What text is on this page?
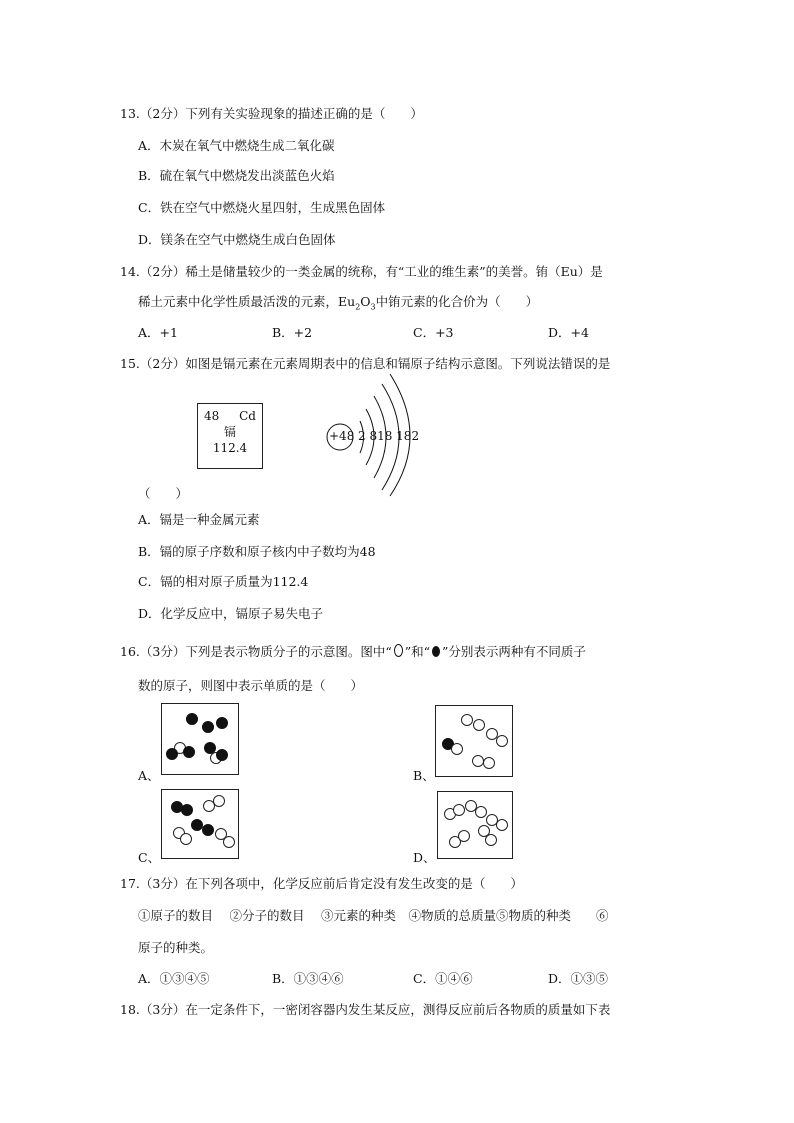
13.（2分）下列有关实验现象的描述正确的是（　　）
A．木炭在氧气中燃烧生成二氧化碳
B．硫在氧气中燃烧发出淡蓝色火焰
C．铁在空气中燃烧火星四射，生成黑色固体
D．镁条在空气中燃烧生成白色固体
14.（2分）稀土是储量较少的一类金属的统称，有“工业的维生素”的美誉。铕（Eu）是
稀土元素中化学性质最活泼的元素，$Eu_2O_3$中铕元素的化合价为（　　）
A．+1	B．+2	C．+3	D．+4
15.（2分）如图是镉元素在元素周期表中的信息和镉原子结构示意图。下列说法错误的是
48 Cd
镉
112.4
+48 2 818 182
（　　）
A．镉是一种金属元素
B．镉的原子序数和原子核内中子数均为48
C．镉的相对原子质量为112.4
D．化学反应中，镉原子易失电子
16.（3分）下列是表示物质分子的示意图。图中“ ”和“ ”分别表示两种有不同质子
数的原子，则图中表示单质的是（　　）
A、	B、
C、	D、
17.（3分）在下列各项中，化学反应前后肯定没有发生改变的是（　　）
①原子的数目　 ②分子的数目　 ③元素的种类　④物质的总质量⑤物质的种类　　⑥
原子的种类。
A．①③④⑤	B．①③④⑥	C．①④⑥	D．①③⑤
18.（3分）在一定条件下，一密闭容器内发生某反应，测得反应前后各物质的质量如下表
